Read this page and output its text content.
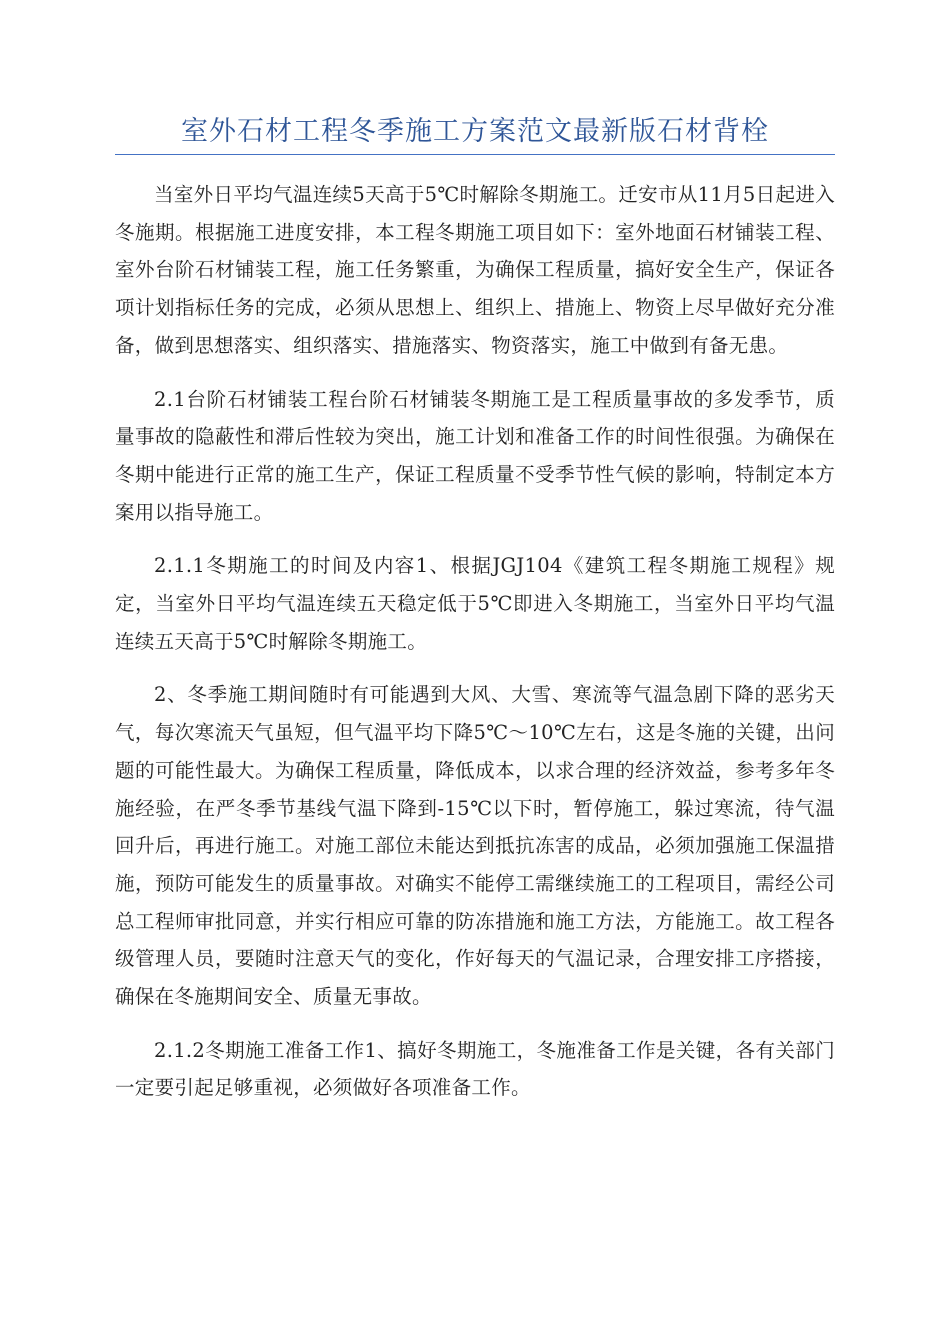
室外石材工程冬季施工方案范文最新版石材背栓

当室外日平均气温连续5天高于5℃时解除冬期施工。迁安市从11月5日起进入冬施期。根据施工进度安排，本工程冬期施工项目如下：室外地面石材铺装工程、室外台阶石材铺装工程，施工任务繁重，为确保工程质量，搞好安全生产，保证各项计划指标任务的完成，必须从思想上、组织上、措施上、物资上尽早做好充分准备，做到思想落实、组织落实、措施落实、物资落实，施工中做到有备无患。

2.1台阶石材铺装工程台阶石材铺装冬期施工是工程质量事故的多发季节，质量事故的隐蔽性和滞后性较为突出，施工计划和准备工作的时间性很强。为确保在冬期中能进行正常的施工生产，保证工程质量不受季节性气候的影响，特制定本方案用以指导施工。

2.1.1冬期施工的时间及内容1、根据JGJ104《建筑工程冬期施工规程》规定，当室外日平均气温连续五天稳定低于5℃即进入冬期施工，当室外日平均气温连续五天高于5℃时解除冬期施工。

2、冬季施工期间随时有可能遇到大风、大雪、寒流等气温急剧下降的恶劣天气，每次寒流天气虽短，但气温平均下降5℃～10℃左右，这是冬施的关键，出问题的可能性最大。为确保工程质量，降低成本，以求合理的经济效益，参考多年冬施经验，在严冬季节基线气温下降到-15℃以下时，暂停施工，躲过寒流，待气温回升后，再进行施工。对施工部位未能达到抵抗冻害的成品，必须加强施工保温措施，预防可能发生的质量事故。对确实不能停工需继续施工的工程项目，需经公司总工程师审批同意，并实行相应可靠的防冻措施和施工方法，方能施工。故工程各级管理人员，要随时注意天气的变化，作好每天的气温记录，合理安排工序搭接，确保在冬施期间安全、质量无事故。

2.1.2冬期施工准备工作1、搞好冬期施工，冬施准备工作是关键，各有关部门一定要引起足够重视，必须做好各项准备工作。
